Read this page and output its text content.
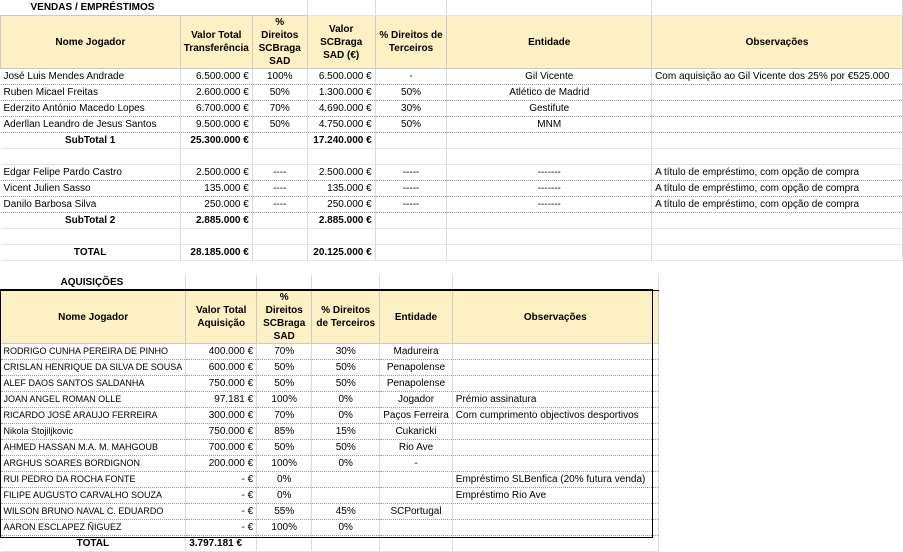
VENDAS / EMPRÉSTIMOS						
Nome Jogador	Valor Total Transferência	% Direitos SCBraga SAD	Valor SCBraga SAD (€)	% Direitos de Terceiros	Entidade	Observações
José Luis Mendes Andrade	6.500.000 €	100%	6.500.000 €	-	Gil Vicente	Com aquisição ao Gil Vicente dos 25% por €525.000
Ruben Micael Freitas	2.600.000 €	50%	1.300.000 €	50%	Atlético de Madrid	
Ederzito António Macedo Lopes	6.700.000 €	70%	4.690.000 €	30%	Gestifute	
Aderllan Leandro de Jesus Santos	9.500.000 €	50%	4.750.000 €	50%	MNM	
SubTotal 1	25.300.000 €		17.240.000 €			

Edgar Felipe Pardo Castro	2.500.000 €	----	2.500.000 €	-----	-------	A título de empréstimo, com opção de compra
Vicent Julien Sasso	135.000 €	----	135.000 €	-----	-------	A título de empréstimo, com opção de compra
Danilo Barbosa Silva	250.000 €	----	250.000 €	-----	-------	A título de empréstimo, com opção de compra
SubTotal 2	2.885.000 €		2.885.000 €			

TOTAL	28.185.000 €		20.125.000 €			
AQUISIÇÕES					
Nome Jogador	Valor Total Aquisição	% Direitos SCBraga SAD	% Direitos de Terceiros	Entidade	Observações
RODRIGO CUNHA PEREIRA DE PINHO	400.000 €	70%	30%	Madureira	
CRISLAN HENRIQUE DA SILVA DE SOUSA	600.000 €	50%	50%	Penapolense	
ALEF DAOS SANTOS SALDANHA	750.000 €	50%	50%	Penapolense	
JOAN ANGEL ROMAN OLLE	97.181 €	100%	0%	Jogador	Prémio assinatura
RICARDO JOSÉ ARAUJO FERREIRA	300.000 €	70%	0%	Paços Ferreira	Com cumprimento objectivos desportivos
Nikola Stojiljkovic	750.000 €	85%	15%	Cukaricki	
AHMED HASSAN M.A. M. MAHGOUB	700.000 €	50%	50%	Rio Ave	
ARGHUS SOARES BORDIGNON	200.000 €	100%	0%	-	
RUI PEDRO DA ROCHA FONTE	- €	0%			Empréstimo SLBenfica (20% futura venda)
FILIPE AUGUSTO CARVALHO SOUZA	- €	0%			Empréstimo Rio Ave
WILSON BRUNO NAVAL C. EDUARDO	- €	55%	45%	SCPortugal	
AARON ESCLAPEZ ÑIGUEZ	- €	100%	0%		
TOTAL	3.797.181 €				
